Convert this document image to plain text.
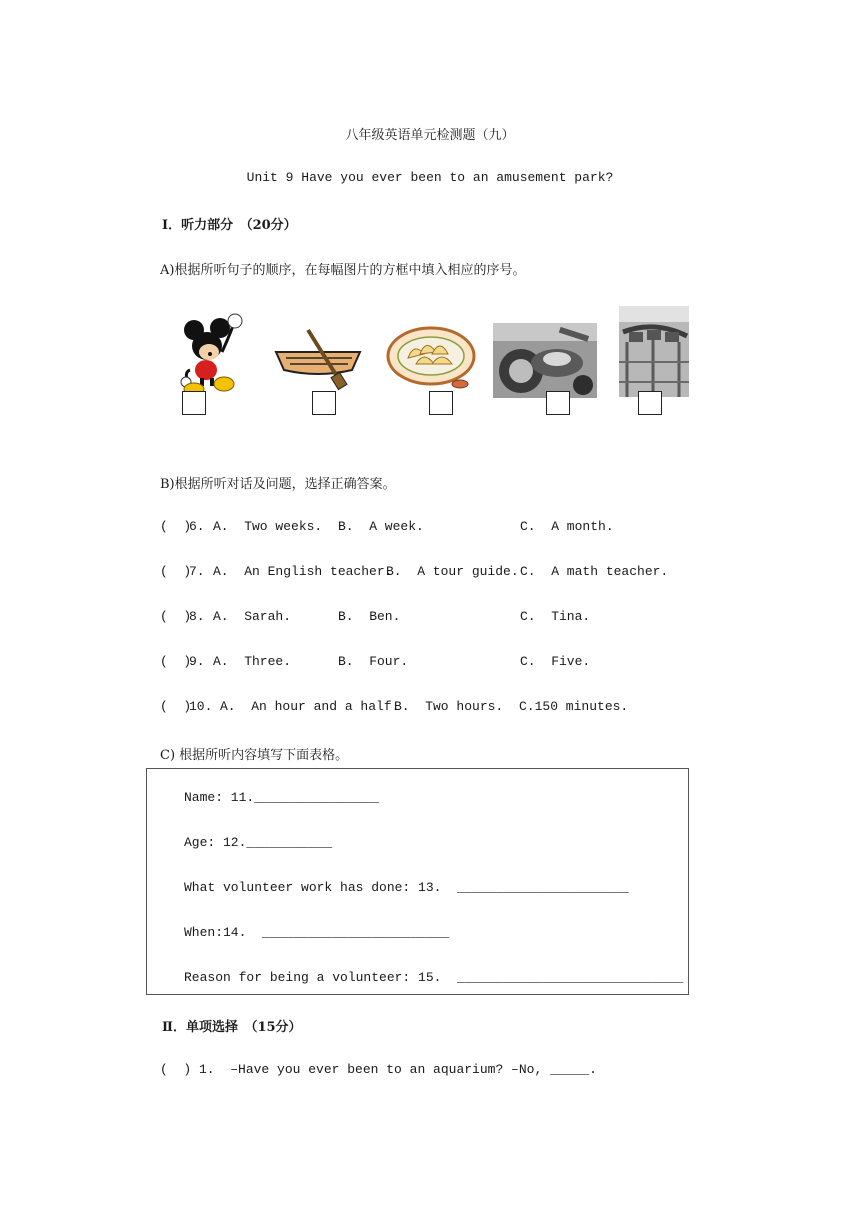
八年级英语单元检测题（九）
Unit 9 Have you ever been to an amusement park?
Ⅰ．听力部分　（20分）
A)根据所听句子的顺序，在每幅图片的方框中填入相应的序号。
B)根据所听对话及问题，选择正确答案。
(  )
6. A.  Two weeks. B.  A week.	C.  A month.
(  )
7. A.  An English teacher.
B.  A tour guide. C.  A math teacher.
(  )
8. A.  Sarah.	B.  Ben.	C.  Tina.
(  )
9. A.  Three.	B.  Four.	C.  Five.
(  )
10. A.  An hour and a half.
B.  Two hours. C.150 minutes.
C) 根据所听内容填写下面表格。
Name: 11.________________
Age: 12.___________
What volunteer work has done: 13.  ______________________
When:14.  ________________________
Reason for being a volunteer: 15.  _____________________________
Ⅱ．单项选择　（15分）
(  ) 1.  –Have you ever been to an aquarium? –No, _____.
